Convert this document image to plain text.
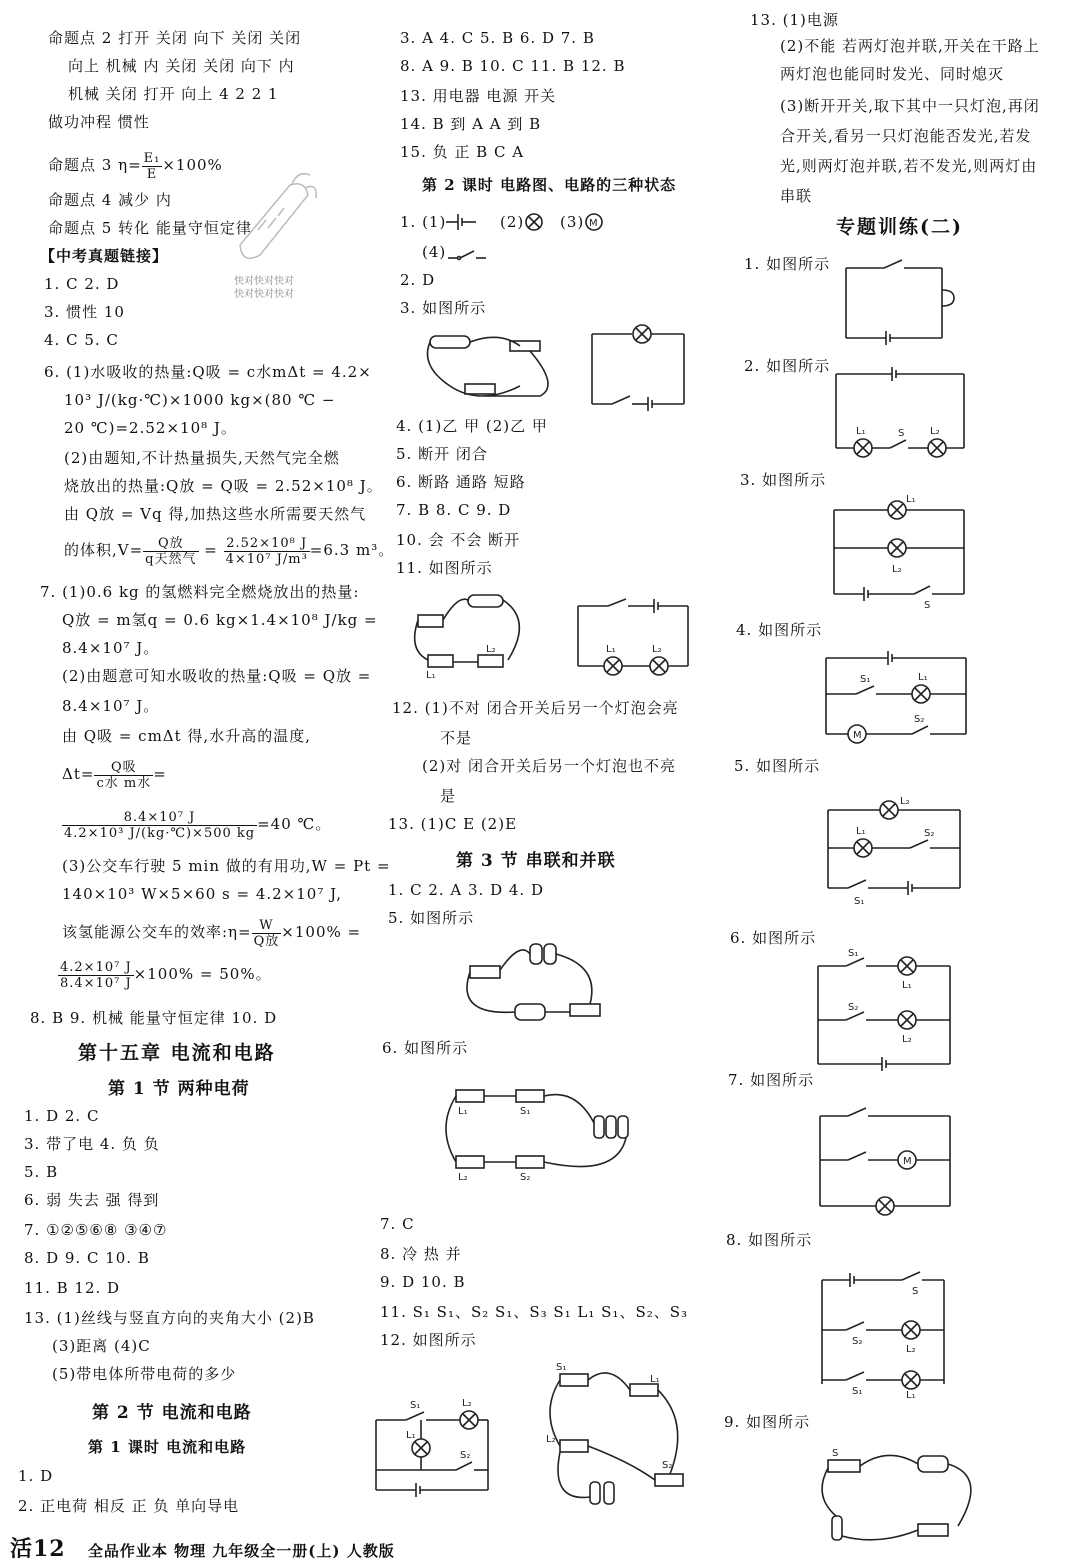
命题点 2 打开 关闭 向下 关闭 关闭
向上 机械 内 关闭 关闭 向下 内
机械 关闭 打开 向上 4 2 2 1
做功冲程 惯性
命题点 3 $\eta= \frac{\text{E₁}}{E} \times 100\%$
命题点 4 减少 内
命题点 5 转化 能量守恒定律
【中考真题链接】
1. C 2. D
3. 惯性 10
4. C 5. C
6. (1)水吸收的热量:Q吸 = c水mΔt = 4.2×
10³ J/(kg·℃)×1000 kg×(80 ℃ −
20 ℃)=2.52×10⁸ J。
(2)由题知,不计热量损失,天然气完全燃
烧放出的热量:Q放 = Q吸 = 2.52×10⁸ J。
由 Q放 = Vq 得,加热这些水所需要天然气
的体积,V=	Q放
q天然气 = $\frac{\text{2.52×10⁸ J}}{\text{4×10⁷ J/m³}} =6.3$ m³。
7. (1)0.6 kg 的氢燃料完全燃烧放出的热量:
Q放 = m氢q = 0.6 kg×1.4×10⁸ J/kg =
8.4×10⁷ J。
(2)由题意可知水吸收的热量:Q吸 = Q放 =
8.4×10⁷ J。
由 Q吸 = cmΔt 得,水升高的温度,
Δt=	Q吸
c水 m水 =
$\frac{\text{8.4×10⁷ J}}{\text{4.2×10³ J/(kg·℃)×500 kg}} =40$ ℃。
(3)公交车行驶 5 min 做的有用功,W = Pt =
140×10³ W×5×60 s = 4.2×10⁷ J,
该氢能源公交车的效率:η= W
Q放 ×100% =
$\frac{\text{4.2×10⁷ J}}{\text{8.4×10⁷ J}} \times 100\% = 50\%$。
8. B 9. 机械 能量守恒定律 10. D
第十五章 电流和电路
第 1 节 两种电荷
1. D 2. C
3. 带了电 4. 负 负
5. B
6. 弱 失去 强 得到
7. ①②⑤⑥⑧ ③④⑦
8. D 9. C 10. B
11. B 12. D
13. (1)丝线与竖直方向的夹角大小 (2)B
(3)距离 (4)C
(5)带电体所带电荷的多少
第 2 节 电流和电路
第 1 课时 电流和电路
1. D
2. 正电荷 相反 正 负 单向导电
快对快对快对
快对快对快对
3. A 4. C 5. B 6. D 7. B
8. A 9. B 10. C 11. B 12. B
13. 用电器 电源 开关
14. B 到 A A 到 B
15. 负 正 B C A
第 2 课时 电路图、电路的三种状态
1. (1)	(2) (3) M
(4)
2. D
3. 如图所示
4. (1)乙 甲 (2)乙 甲
5. 断开 闭合
6. 断路 通路 短路
7. B 8. C 9. D
10. 会 不会 断开
11. 如图所示
L₁
L₂	L₁	L₂
12. (1)不对 闭合开关后另一个灯泡会亮
不是
(2)对 闭合开关后另一个灯泡也不亮
是
13. (1)C E (2)E
第 3 节 串联和并联
1. C 2. A 3. D 4. D
5. 如图所示
6. 如图所示
L₁	S₁
L₂	S₂
7. C
8. 冷 热 并
9. D 10. B
11. S₁ S₁、S₂ S₁、S₃ S₁ L₁ S₁、S₂、S₃
12. 如图所示
S₁	L₂
L₁
S₂
S₁
L₁
L₂
S₂
13. (1)电源
(2)不能 若两灯泡并联,开关在干路上
两灯泡也能同时发光、同时熄灭
(3)断开开关,取下其中一只灯泡,再闭
合开关,看另一只灯泡能否发光,若发
光,则两灯泡并联,若不发光,则两灯由
串联
专题训练(二)
1. 如图所示
2. 如图所示
L₁	S	L₂
3. 如图所示
L₁
L₂
S
4. 如图所示
M
S₁	L₁
S₂
5. 如图所示
L₂
L₁	S₂
S₁
6. 如图所示
S₁
L₁
S₂
L₂
7. 如图所示
M
8. 如图所示
S
S₂
L₂
S₁	L₁
9. 如图所示
S
活12 全品作业本 物理 九年级全一册(上) 人教版
